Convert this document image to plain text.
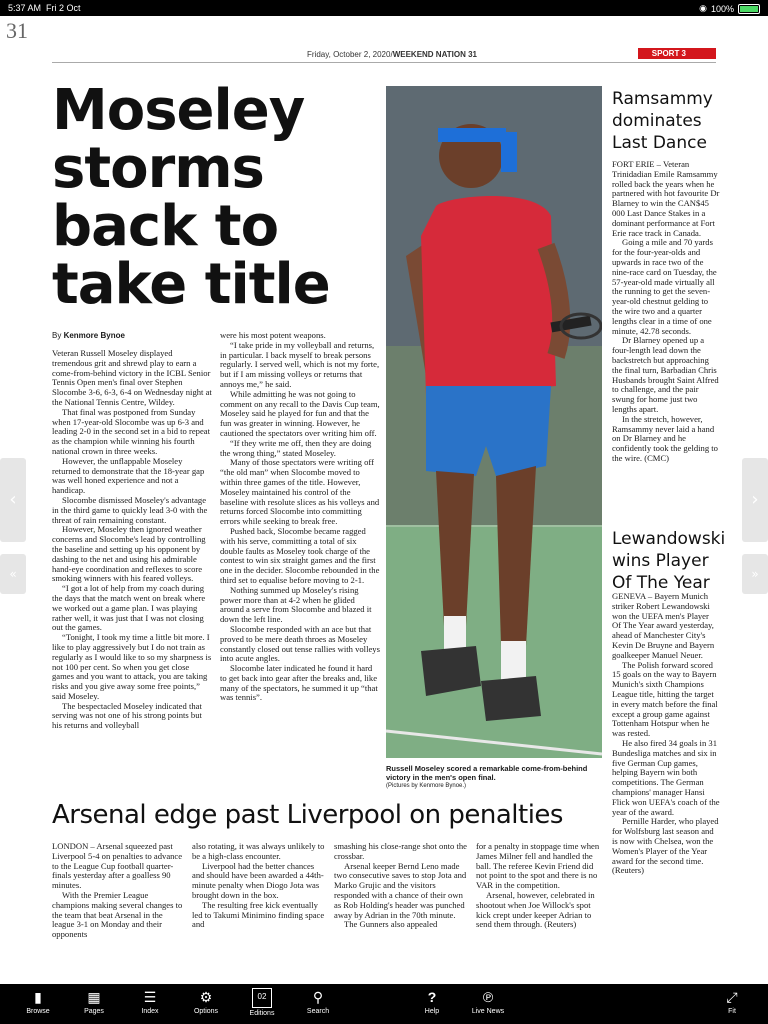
5:37 AM Fri 2 Oct	◉ 100%
31
Friday, October 2, 2020/WEEKEND NATION 31	SPORT 3
Moseley storms back to take title
By Kenmore Bynoe

Veteran Russell Moseley displayed tremendous grit and shrewd play to earn a come-from-behind victory in the ICBL Senior Tennis Open men's final over Stephen Slocombe 3-6, 6-3, 6-4 on Wednesday night at the National Tennis Centre, Wildey.

That final was postponed from Sunday when 17-year-old Slocombe was up 6-3 and leading 2-0 in the second set in a bid to repeat as the champion while winning his fourth national crown in three weeks.

However, the unflappable Moseley returned to demonstrate that the 18-year gap was well honed experience and not a handicap.

Slocombe dismissed Moseley's advantage in the third game to quickly lead 3-0 with the threat of rain remaining constant.

However, Moseley then ignored weather concerns and Slocombe's lead by controlling the baseline and setting up his opponent by dashing to the net and using his admirable hand-eye coordination and reflexes to score smoking winners with his feared volleys.

“I got a lot of help from my coach during the days that the match went on break where we worked out a game plan. I was playing rather well, it was just that I was not closing out the games.

“Tonight, I took my time a little bit more. I like to play aggressively but I do not train as regularly as I would like to so my sharpness is not 100 per cent. So when you get close games and you want to attack, you are taking risks and you give away some free points,” said Moseley.

The bespectacled Moseley indicated that serving was not one of his strong points but his returns and volleyball

were his most potent weapons.

“I take pride in my volleyball and returns, in particular. I back myself to break persons regularly. I served well, which is not my forte, but if I am missing volleys or returns that annoys me,” he said.

While admitting he was not going to comment on any recall to the Davis Cup team, Moseley said he played for fun and that the fun was greater in winning. However, he cautioned the spectators over writing him off.

“If they write me off, then they are doing the wrong thing,” stated Moseley.

Many of those spectators were writing off “the old man” when Slocombe moved to within three games of the title. However, Moseley maintained his control of the baseline with resolute slices as his volleys and returns forced Slocombe into committing errors while seeking to break free.

Pushed back, Slocombe became ragged with his serve, committing a total of six double faults as Moseley took charge of the contest to win six straight games and the first one in the decider. Slocombe rebounded in the third set to equalise before moving to 2-1.

Nothing summed up Moseley's rising power more than at 4-2 when he glided around a serve from Slocombe and blazed it down the left line.

Slocombe responded with an ace but that proved to be mere death throes as Moseley constantly closed out tense rallies with volleys into acute angles.

Slocombe later indicated he found it hard to get back into gear after the breaks and, like many of the spectators, he summed it up “that was tennis”.

Russell Moseley scored a remarkable come-from-behind victory in the men's open final.
(Pictures by Kenmore Bynoe.)
Ramsammy dominates Last Dance

FORT ERIE – Veteran Trinidadian Emile Ramsammy rolled back the years when he partnered with hot favourite Dr Blarney to win the CAN$45 000 Last Dance Stakes in a dominant performance at Fort Erie race track in Canada.

Going a mile and 70 yards for the four-year-olds and upwards in race two of the nine-race card on Tuesday, the 57-year-old made virtually all the running to get the seven-year-old chestnut gelding to the wire two and a quarter lengths clear in a time of one minute, 42.78 seconds.

Dr Blarney opened up a four-length lead down the backstretch but approaching the final turn, Barbadian Chris Husbands brought Saint Alfred to challenge, and the pair swung for home just two lengths apart.

In the stretch, however, Ramsammy never laid a hand on Dr Blarney and he confidently took the gelding to the wire. (CMC)

Lewandowski wins Player Of The Year

GENEVA – Bayern Munich striker Robert Lewandowski won the UEFA men's Player Of The Year award yesterday, ahead of Manchester City's Kevin De Bruyne and Bayern goalkeeper Manuel Neuer.

The Polish forward scored 15 goals on the way to Bayern Munich's sixth Champions League title, hitting the target in every match before the final except a group game against Tottenham Hotspur when he was rested.

He also fired 34 goals in 31 Bundesliga matches and six in five German Cup games, helping Bayern win both competitions. The German champions' manager Hansi Flick won UEFA's coach of the year of the award.

Pernille Harder, who played for Wolfsburg last season and is now with Chelsea, won the Women's Player of the Year award for the second time. (Reuters)

Arsenal edge past Liverpool on penalties

LONDON – Arsenal squeezed past Liverpool 5-4 on penalties to advance to the League Cup football quarter-finals yesterday after a goalless 90 minutes.

With the Premier League champions making several changes to the team that beat Arsenal in the league 3-1 on Monday and their opponents

also rotating, it was always unlikely to be a high-class encounter.

Liverpool had the better chances and should have been awarded a 44th-minute penalty when Diogo Jota was brought down in the box.

The resulting free kick eventually led to Takumi Minimino finding space and

smashing his close-range shot onto the crossbar.

Arsenal keeper Bernd Leno made two consecutive saves to stop Jota and Marko Grujic and the visitors responded with a chance of their own as Rob Holding's header was punched away by Adrian in the 70th minute.

The Gunners also appealed

for a penalty in stoppage time when James Milner fell and handled the ball. The referee Kevin Friend did not point to the spot and there is no VAR in the competition.

Arsenal, however, celebrated in shootout when Joe Willock's spot kick crept under keeper Adrian to send them through. (Reuters)

‹
«
›
»
▮
Browse
▦
Pages
☰
Index
⚙
Options
02
Editions
⚲
Search
?
Help
℗
Live News
⤢
Fit
